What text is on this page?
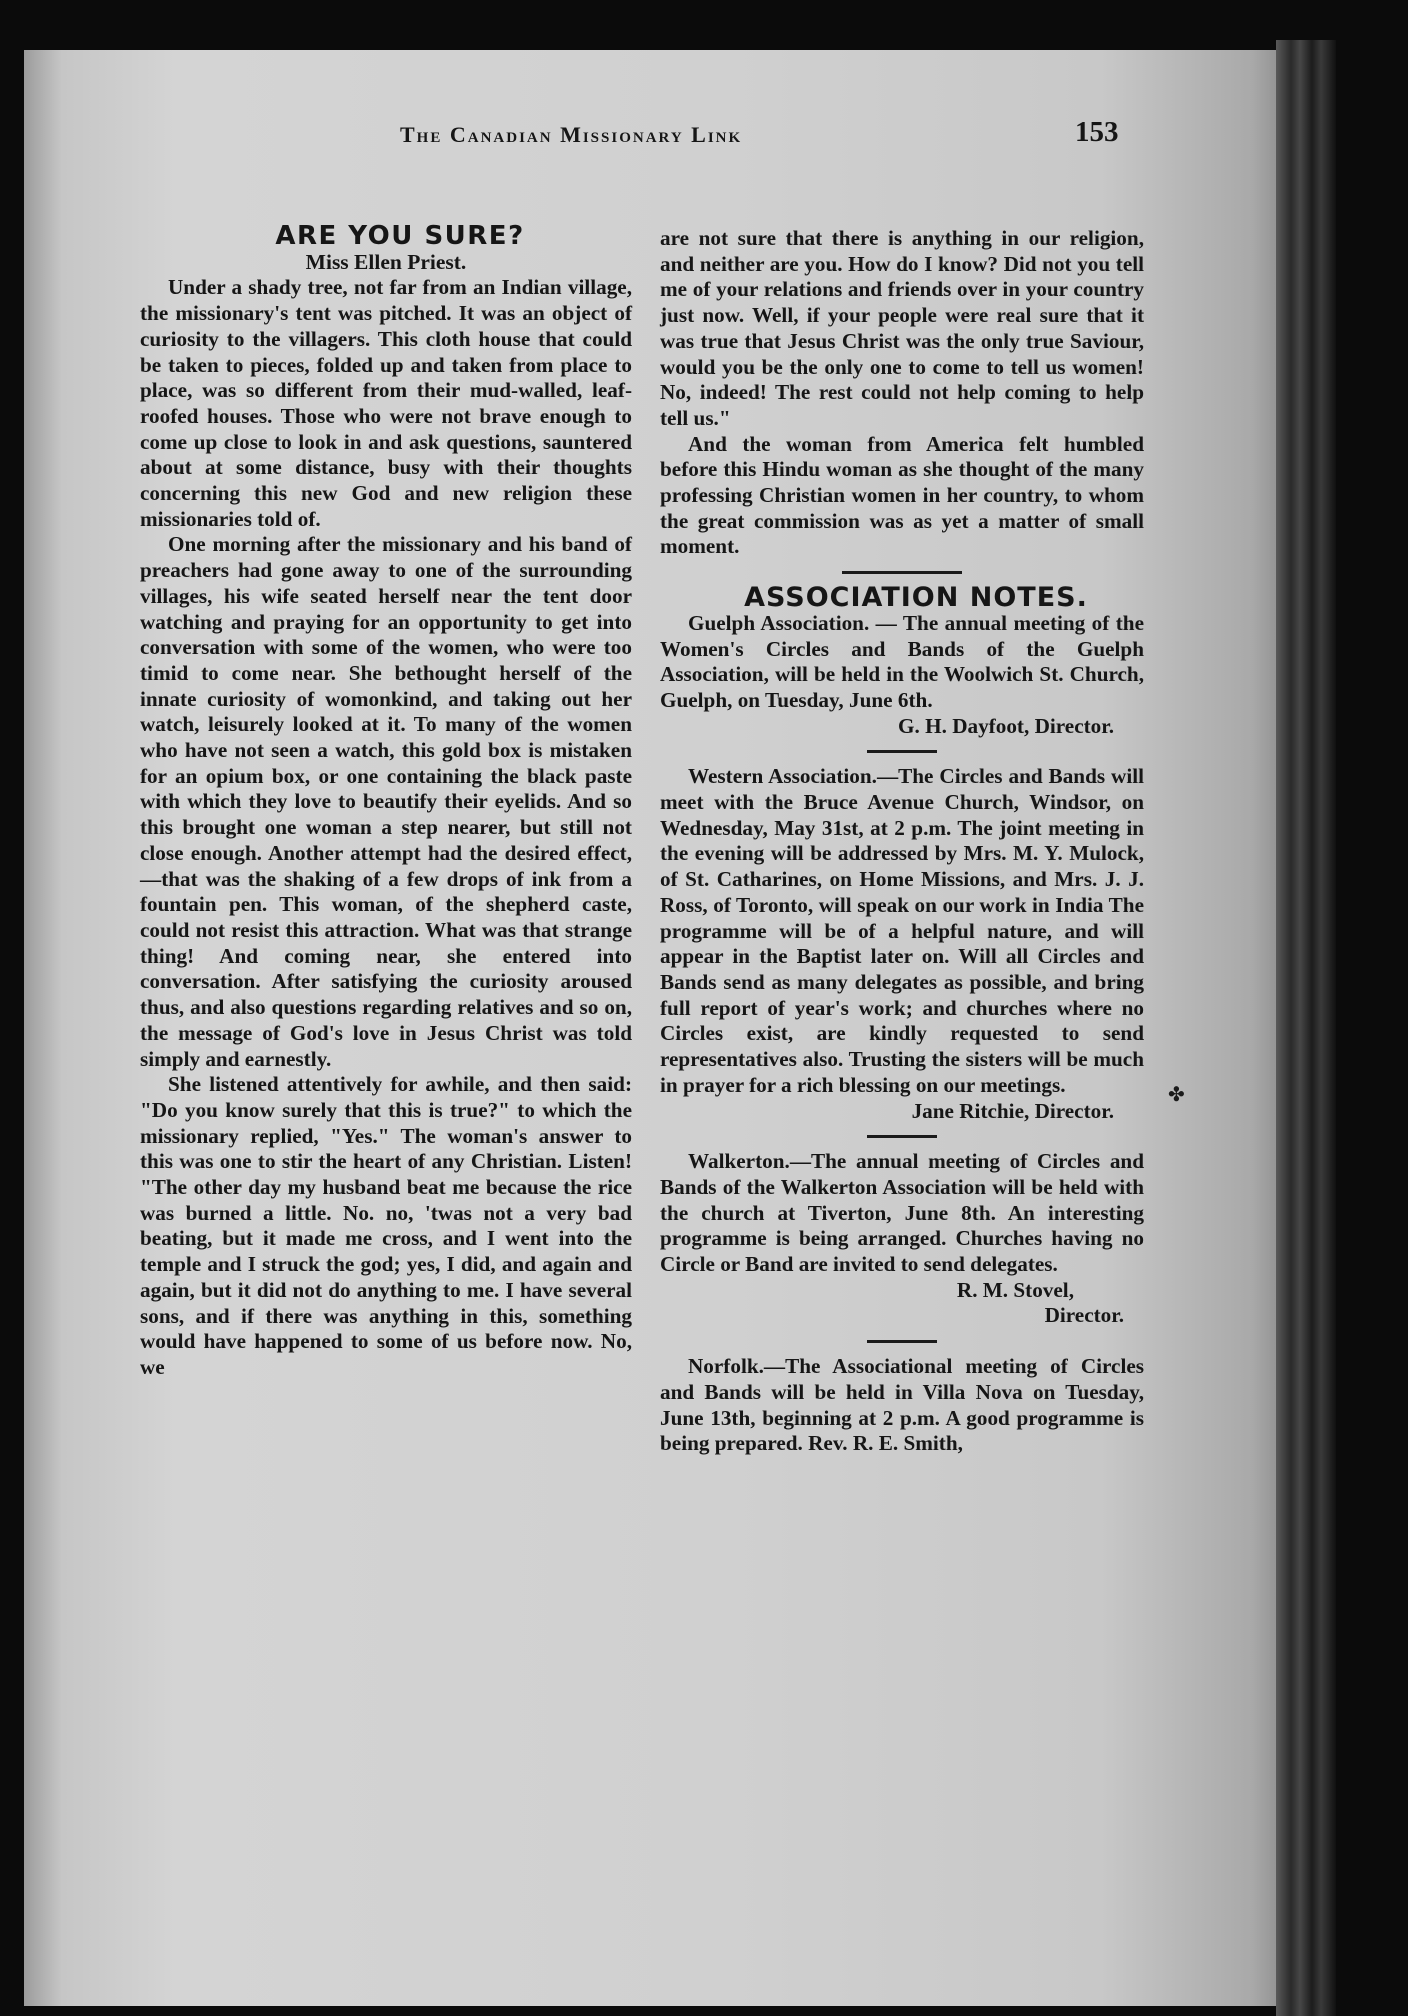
The Canadian Missionary Link	153

ARE YOU SURE?

Miss Ellen Priest.

Under a shady tree, not far from an Indian village, the missionary's tent was pitched. It was an object of curiosity to the villagers. This cloth house that could be taken to pieces, folded up and taken from place to place, was so different from their mud-walled, leaf-roofed houses. Those who were not brave enough to come up close to look in and ask questions, sauntered about at some distance, busy with their thoughts concerning this new God and new religion these missionaries told of.

One morning after the missionary and his band of preachers had gone away to one of the surrounding villages, his wife seated herself near the tent door watching and praying for an opportunity to get into conversation with some of the women, who were too timid to come near. She bethought herself of the innate curiosity of womonkind, and taking out her watch, leisurely looked at it. To many of the women who have not seen a watch, this gold box is mistaken for an opium box, or one containing the black paste with which they love to beautify their eyelids. And so this brought one woman a step nearer, but still not close enough. Another attempt had the desired effect,—that was the shaking of a few drops of ink from a fountain pen. This woman, of the shepherd caste, could not resist this attraction. What was that strange thing! And coming near, she entered into conversation. After satisfying the curiosity aroused thus, and also questions regarding relatives and so on, the message of God's love in Jesus Christ was told simply and earnestly.

She listened attentively for awhile, and then said: "Do you know surely that this is true?" to which the missionary replied, "Yes." The woman's answer to this was one to stir the heart of any Christian. Listen! "The other day my husband beat me because the rice was burned a little. No. no, 'twas not a very bad beating, but it made me cross, and I went into the temple and I struck the god; yes, I did, and again and again, but it did not do anything to me. I have several sons, and if there was anything in this, something would have happened to some of us before now. No, we

are not sure that there is anything in our religion, and neither are you. How do I know? Did not you tell me of your relations and friends over in your country just now. Well, if your people were real sure that it was true that Jesus Christ was the only true Saviour, would you be the only one to come to tell us women! No, indeed! The rest could not help coming to help tell us."

And the woman from America felt humbled before this Hindu woman as she thought of the many professing Christian women in her country, to whom the great commission was as yet a matter of small moment.

ASSOCIATION NOTES.

Guelph Association. — The annual meeting of the Women's Circles and Bands of the Guelph Association, will be held in the Woolwich St. Church, Guelph, on Tuesday, June 6th.

G. H. Dayfoot, Director.

Western Association.—The Circles and Bands will meet with the Bruce Avenue Church, Windsor, on Wednesday, May 31st, at 2 p.m. The joint meeting in the evening will be addressed by Mrs. M. Y. Mulock, of St. Catharines, on Home Missions, and Mrs. J. J. Ross, of Toronto, will speak on our work in India The programme will be of a helpful nature, and will appear in the Baptist later on. Will all Circles and Bands send as many delegates as possible, and bring full report of year's work; and churches where no Circles exist, are kindly requested to send representatives also. Trusting the sisters will be much in prayer for a rich blessing on our meetings.

Jane Ritchie, Director.

Walkerton.—The annual meeting of Circles and Bands of the Walkerton Association will be held with the church at Tiverton, June 8th. An interesting programme is being arranged. Churches having no Circle or Band are invited to send delegates.

R. M. Stovel,

Director.

Norfolk.—The Associational meeting of Circles and Bands will be held in Villa Nova on Tuesday, June 13th, beginning at 2 p.m. A good programme is being prepared. Rev. R. E. Smith,

✤
